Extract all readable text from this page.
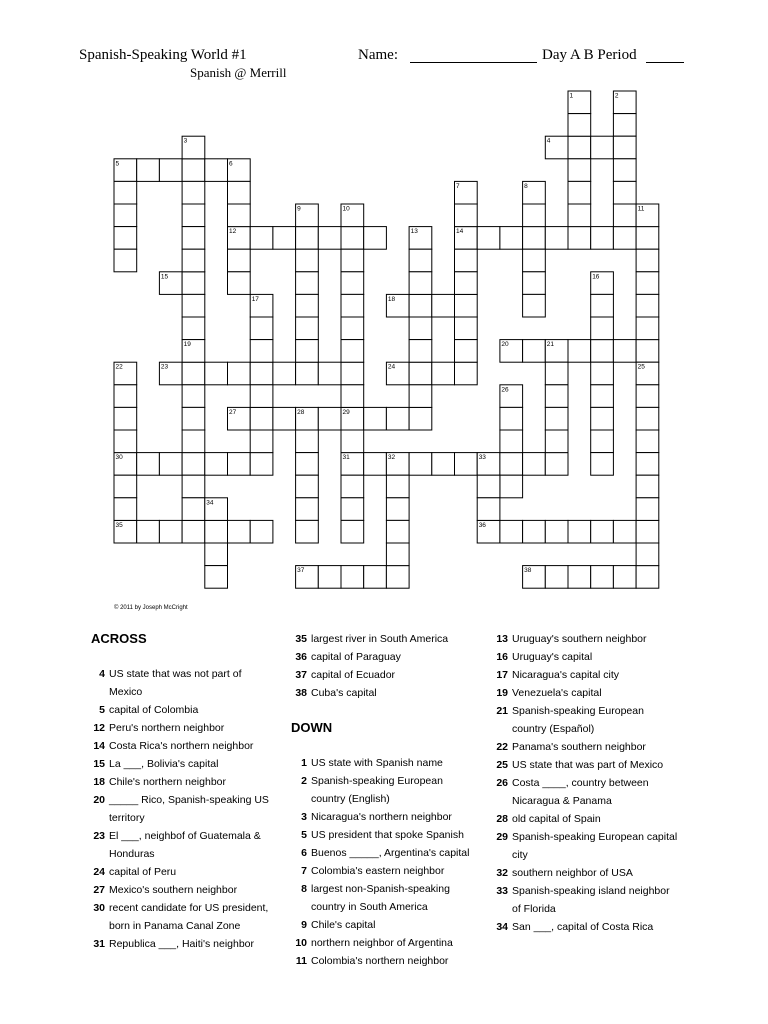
Spanish-Speaking World #1
Spanish @ Merrill
Name:	Day A B Period
1	2
3	4
5	6
7	8
9	10	11
12	13	14
15	16
17	18
19	20	21
22	23	24	25
26
27	28	29
30	31	32	33
34
35	36
37	38
© 2011 by Joseph McCright
ACROSS
DOWN
4 US state that was not part of Mexico
5 capital of Colombia
12 Peru's northern neighbor
14 Costa Rica's northern neighbor
15 La ___, Bolivia's capital
18 Chile's northern neighbor
20 _____ Rico, Spanish-speaking US territory
23 El ___, neighbof of Guatemala & Honduras
24 capital of Peru
27 Mexico's southern neighbor
30 recent candidate for US president, born in Panama Canal Zone
31 Republica ___, Haiti's neighbor
35 largest river in South America
36 capital of Paraguay
37 capital of Ecuador
38 Cuba's capital
1 US state with Spanish name
2 Spanish-speaking European country (English)
3 Nicaragua's northern neighbor
5 US president that spoke Spanish
6 Buenos _____, Argentina's capital
7 Colombia's eastern neighbor
8 largest non-Spanish-speaking country in South America
9 Chile's capital
10 northern neighbor of Argentina
11 Colombia's northern neighbor
13 Uruguay's southern neighbor
16 Uruguay's capital
17 Nicaragua's capital city
19 Venezuela's capital
21 Spanish-speaking European country (Español)
22 Panama's southern neighbor
25 US state that was part of Mexico
26 Costa ____, country between Nicaragua & Panama
28 old capital of Spain
29 Spanish-speaking European capital city
32 southern neighbor of USA
33 Spanish-speaking island neighbor of Florida
34 San ___, capital of Costa Rica
